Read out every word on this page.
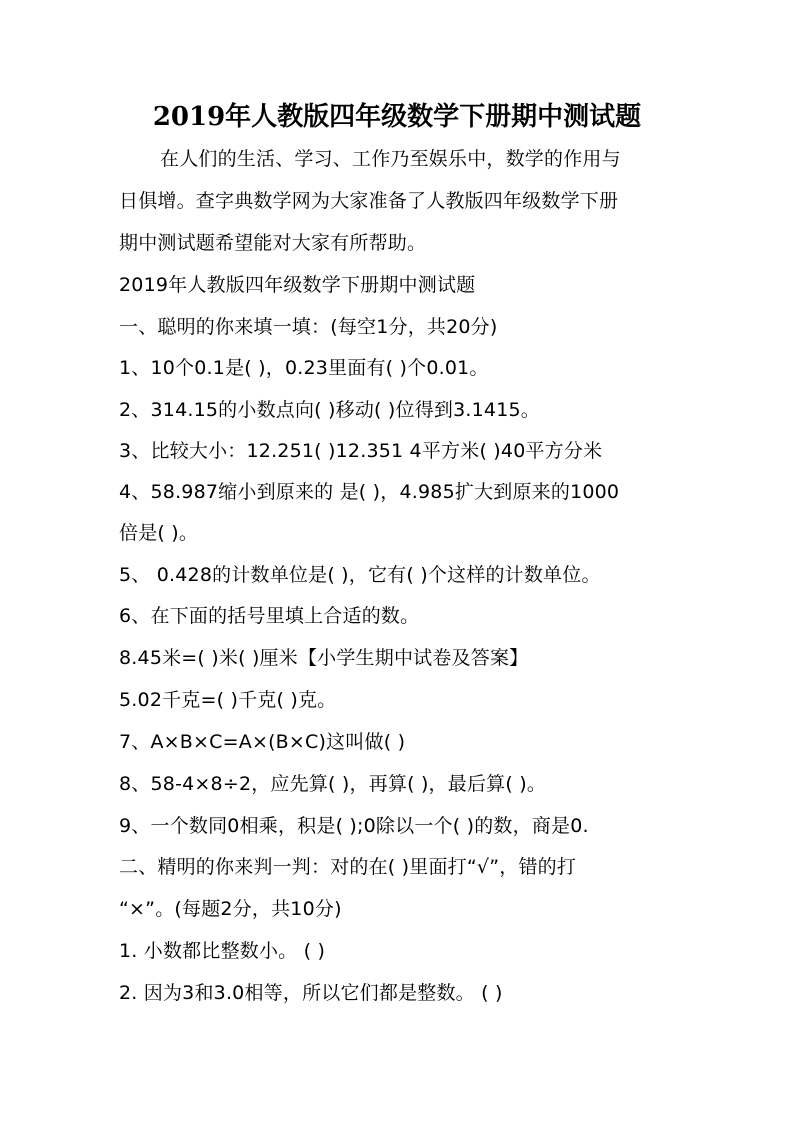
2019年人教版四年级数学下册期中测试题
在人们的生活、学习、工作乃至娱乐中，数学的作用与
日俱增。查字典数学网为大家准备了人教版四年级数学下册
期中测试题希望能对大家有所帮助。
2019年人教版四年级数学下册期中测试题
一、聪明的你来填一填：(每空1分，共20分)
1、10个0.1是( )，0.23里面有( )个0.01。
2、314.15的小数点向( )移动( )位得到3.1415。
3、比较大小：12.251( )12.351 4平方米( )40平方分米
4、58.987缩小到原来的 是( )，4.985扩大到原来的1000
倍是( )。
5、 0.428的计数单位是( )，它有( )个这样的计数单位。
6、在下面的括号里填上合适的数。
8.45米=( )米( )厘米【小学生期中试卷及答案】
5.02千克=( )千克( )克。
7、A×B×C=A×(B×C)这叫做( )
8、58-4×8÷2，应先算( )，再算( )，最后算( )。
9、一个数同0相乘，积是( );0除以一个( )的数，商是0.
二、精明的你来判一判：对的在( )里面打“√”，错的打
“×”。(每题2分，共10分)
1. 小数都比整数小。 ( )
2. 因为3和3.0相等，所以它们都是整数。 ( )
